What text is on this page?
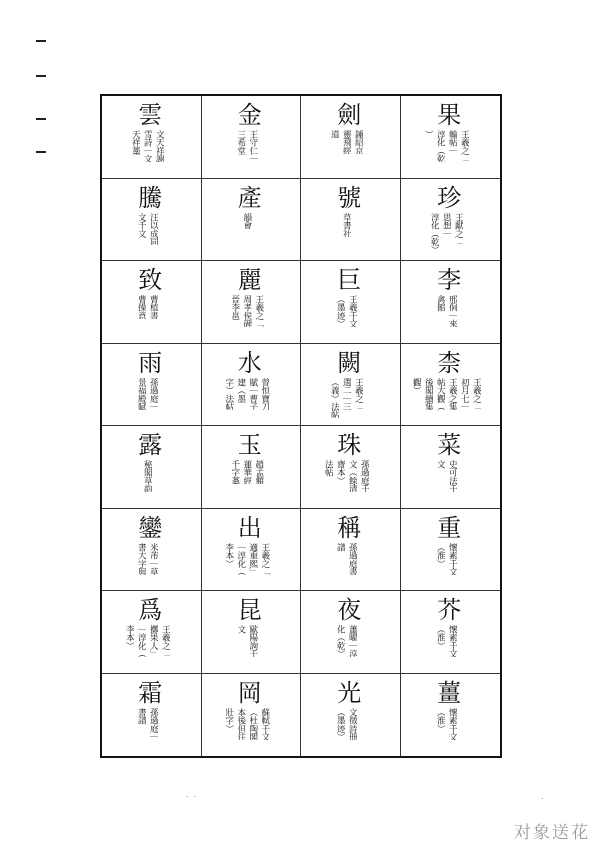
雲
文天祥謝
雪詩｜文
天祥藁
金
王守仁｜
三希堂
劍
鍾紹京
靈飛經
道
果
王羲之「
輸帖｜
淳化（乾
）
騰
汪以成同
文千文
產
韻會
號
草書社
珍
王獻之「
思想｜
淳化（乾）
致
曹植書
曹操意
麗
王羲之「
周孝侯碑
晉李邕
巨
王羲千文
（墨迹）
李
邢侗｜來
禽館
雨
孫過庭｜
景福殿賦
水
曾恒寶刀
賦｜曹子
建（墨
字）法帖
闕
王羲之「
選二｜三
（義）法帖
柰
王羲之「
初月七｜
王羲之集
帖大觀（
後閣續集
觀）
露
秘閣草韵
玉
趙孟頫
蓮華經
千字藁
珠
孫過庭千
文（餘清
齋本）
法帖
菜
史可法千
文
鑾
米芾｜草
書大字與
出
王羲之「
適重熙」
｜淳化（
李本）
稱
孫過庭書
譜
重
懷素千文
（淮）
爲
王羲之「
擲果人」
｜淳化（
李本）
昆
歐陽詢千
文
夜
蕭曜｜淳
化（乾）
芥
懷素千文
（淮）
霜
孫過庭｜
書譜
岡
蘇軾千文
（杜陶閣
本後但往
壯字）
光
文徵詩冊
（墨迹）
薑
懷素千文
（淮）
˙ ˙	˙
对象送花
